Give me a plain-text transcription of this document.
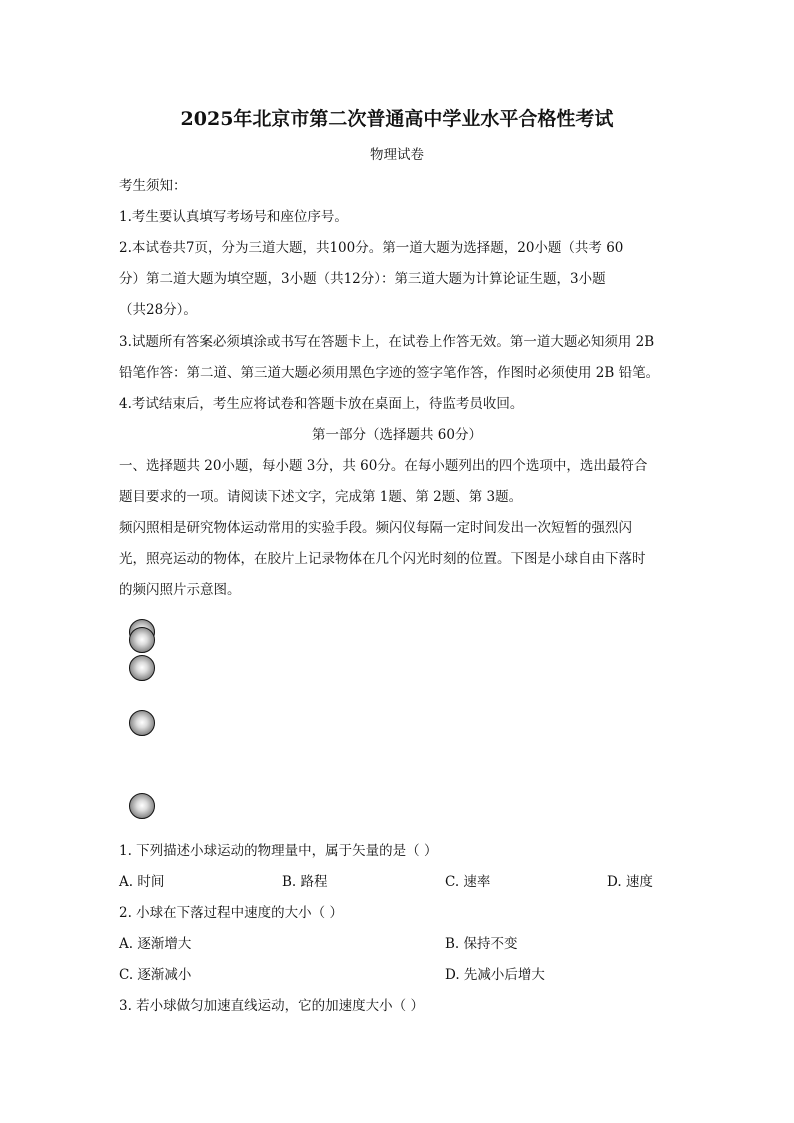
2025年北京市第二次普通高中学业水平合格性考试
物理试卷
考生须知：
1.考生要认真填写考场号和座位序号。
2.本试卷共7页，分为三道大题，共100分。第一道大题为选择题，20小题（共考 60
分）第二道大题为填空题，3小题（共12分）：第三道大题为计算论证生题，3小题
（共28分）。
3.试题所有答案必须填涂或书写在答题卡上，在试卷上作答无效。第一道大题必知须用 2B
铅笔作答：第二道、第三道大题必须用黑色字迹的签字笔作答，作图时必须使用 2B 铅笔。
4.考试结束后，考生应将试卷和答题卡放在桌面上，待监考员收回。
第一部分（选择题共 60分）
一、选择题共 20小题，每小题 3分，共 60分。在每小题列出的四个选项中，选出最符合
题目要求的一项。请阅读下述文字，完成第 1题、第 2题、第 3题。
频闪照相是研究物体运动常用的实验手段。频闪仪每隔一定时间发出一次短暂的强烈闪
光，照亮运动的物体，在胶片上记录物体在几个闪光时刻的位置。下图是小球自由下落时
的频闪照片示意图。
1. 下列描述小球运动的物理量中，属于矢量的是（ ）
A. 时间	B. 路程	C. 速率	D. 速度
2. 小球在下落过程中速度的大小（ ）
A. 逐渐增大	B. 保持不变
C. 逐渐减小	D. 先减小后增大
3. 若小球做匀加速直线运动，它的加速度大小（ ）
